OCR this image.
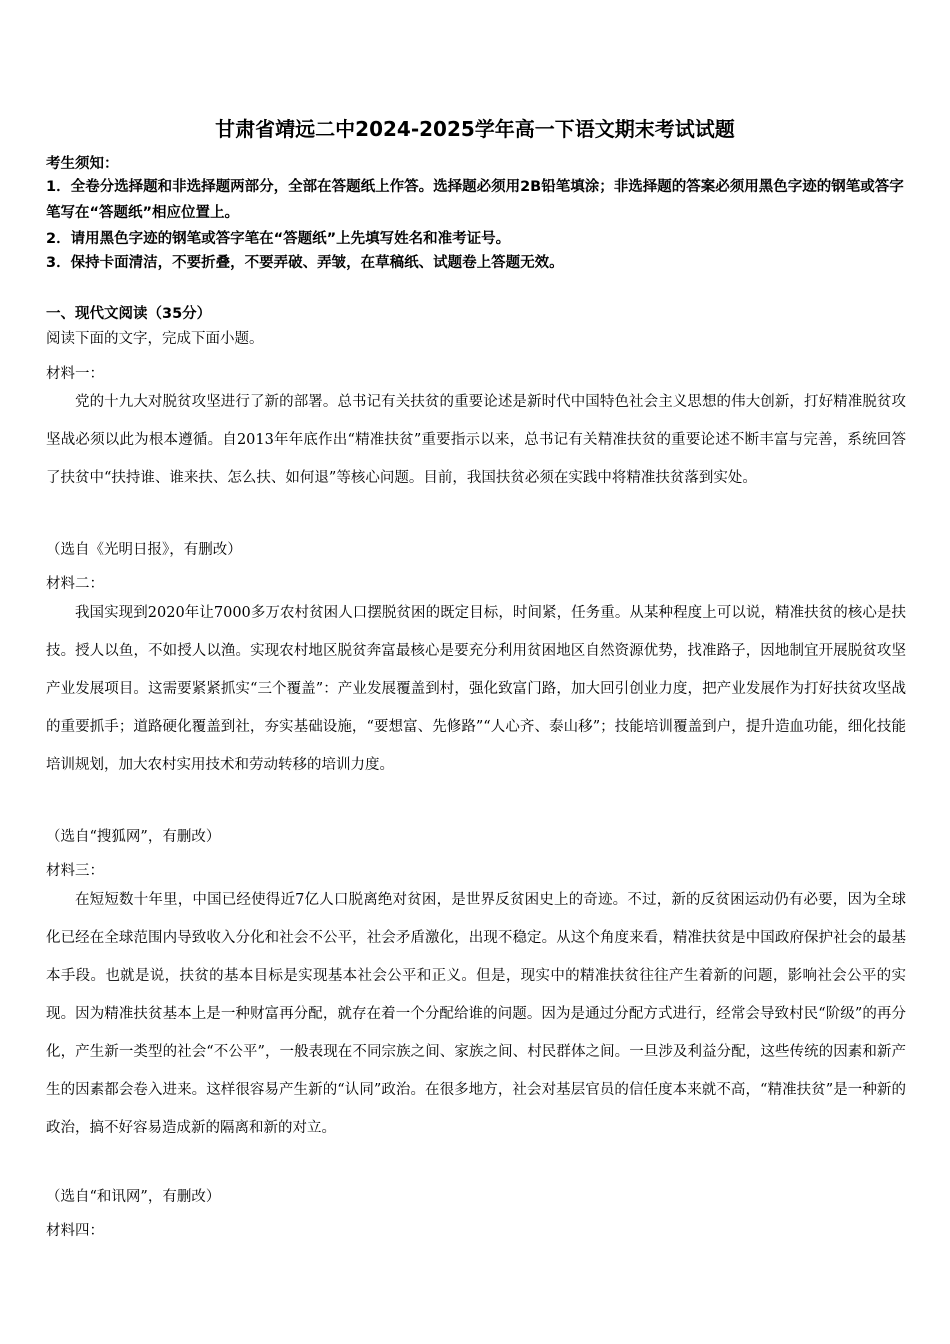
甘肃省靖远二中2024-2025学年高一下语文期末考试试题
考生须知：
1．全卷分选择题和非选择题两部分，全部在答题纸上作答。选择题必须用2B铅笔填涂；非选择题的答案必须用黑色字迹的钢笔或答字笔写在“答题纸”相应位置上。
2．请用黑色字迹的钢笔或答字笔在“答题纸”上先填写姓名和准考证号。
3．保持卡面清洁，不要折叠，不要弄破、弄皱，在草稿纸、试题卷上答题无效。
一、现代文阅读（35分）
阅读下面的文字，完成下面小题。
材料一：
党的十九大对脱贫攻坚进行了新的部署。总书记有关扶贫的重要论述是新时代中国特色社会主义思想的伟大创新，打好精准脱贫攻坚战必须以此为根本遵循。自2013年年底作出“精准扶贫”重要指示以来，总书记有关精准扶贫的重要论述不断丰富与完善，系统回答了扶贫中“扶持谁、谁来扶、怎么扶、如何退”等核心问题。目前，我国扶贫必须在实践中将精准扶贫落到实处。
（选自《光明日报》，有删改）
材料二：
我国实现到2020年让7000多万农村贫困人口摆脱贫困的既定目标，时间紧，任务重。从某种程度上可以说，精准扶贫的核心是扶技。授人以鱼，不如授人以渔。实现农村地区脱贫奔富最核心是要充分利用贫困地区自然资源优势，找准路子，因地制宜开展脱贫攻坚产业发展项目。这需要紧紧抓实“三个覆盖”：产业发展覆盖到村，强化致富门路，加大回引创业力度，把产业发展作为打好扶贫攻坚战的重要抓手；道路硬化覆盖到社，夯实基础设施，“要想富、先修路”“人心齐、泰山移”；技能培训覆盖到户，提升造血功能，细化技能培训规划，加大农村实用技术和劳动转移的培训力度。
（选自“搜狐网”，有删改）
材料三：
在短短数十年里，中国已经使得近7亿人口脱离绝对贫困，是世界反贫困史上的奇迹。不过，新的反贫困运动仍有必要，因为全球化已经在全球范围内导致收入分化和社会不公平，社会矛盾激化，出现不稳定。从这个角度来看，精准扶贫是中国政府保护社会的最基本手段。也就是说，扶贫的基本目标是实现基本社会公平和正义。但是，现实中的精准扶贫往往产生着新的问题，影响社会公平的实现。因为精准扶贫基本上是一种财富再分配，就存在着一个分配给谁的问题。因为是通过分配方式进行，经常会导致村民“阶级”的再分化，产生新一类型的社会“不公平”，一般表现在不同宗族之间、家族之间、村民群体之间。一旦涉及利益分配，这些传统的因素和新产生的因素都会卷入进来。这样很容易产生新的“认同”政治。在很多地方，社会对基层官员的信任度本来就不高，“精准扶贫”是一种新的政治，搞不好容易造成新的隔离和新的对立。
（选自“和讯网”，有删改）
材料四：
